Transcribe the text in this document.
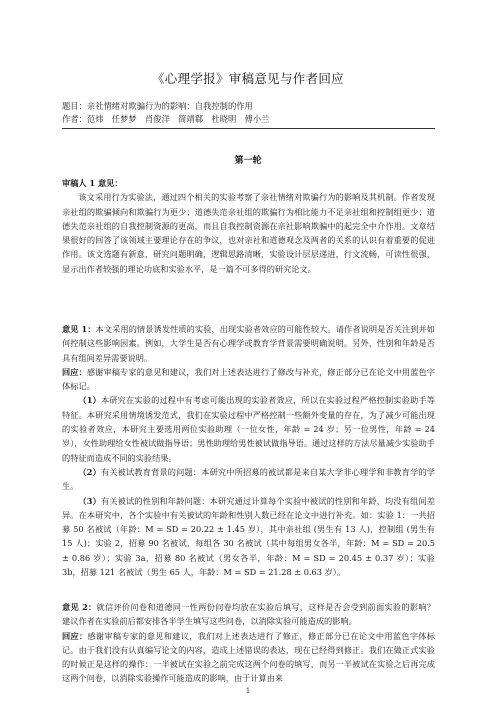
《心理学报》审稿意见与作者回应
题目：亲社情绪对欺骗行为的影响：自我控制的作用
作者：范炜　任梦梦　肖俊洋　简靖郗　杜晓明　傅小兰
第一轮

审稿人 1 意见：

该文采用行为实验法，通过四个相关的实验考察了亲社情绪对欺骗行为的影响及其机制。作者发现亲社组的欺骗倾向和欺骗行为更少；道德失范亲社组的欺骗行为相比能力不足亲社组和控制组更少；道德失范亲社组的自我控制资源的更高，而且自我控制资源在亲社影响欺骗中的起完全中介作用。文章结果很好的回答了该领域主要理论存在的争议，也对亲社和道德观念及两者的关系的认识有着重要的促进作用。该文选题有新意，研究问题明确，逻辑思路清晰，实验设计层层递进，行文流畅，可读性很强，显示出作者较强的理论功底和实验水平，是一篇不可多得的研究论文。

意见 1：本文采用的情景诱发性质的实验，出现实验者效应的可能性较大。请作者说明是否关注到并如何控制这些影响因素。例如，大学生是否有心理学或教育学背景需要明确说明。另外，性别和年龄是否具有组间差异需要说明。

回应：感谢审稿专家的意见和建议，我们对上述表达进行了修改与补充，修正部分已在论文中用蓝色字体标记。

（1）本研究在实验的过程中有考虑可能出现的实验者效应，所以在实验过程严格控制实验助手等特征。本研究采用情境诱发范式，我们在实验过程中严格控制一些额外变量的存在，为了减少可能出现的实验者效应，本研究主要选用两位实验助理（一位女性，年龄 = 24 岁；另一位男性，年龄 = 24 岁），女性助理给女性被试做指导语；男性助理给男性被试做指导语。通过这样的方法尽量减少实验助手的特征而造成不同的实验结果。

（2）有关被试教育背景的问题：本研究中所招募的被试都是来自某大学非心理学和非教育学的学生。

（3）有关被试的性别和年龄问题：本研究通过计算每个实验中被试的性别和年龄，均没有组间差异。在本研究中，各个实验中有关被试的年龄和性别人数已经在论文中进行补充。如：实验 1：一共招募 50 名被试（年龄：M = SD = 20.22 ± 1.45 岁），其中亲社组 (男生有 13 人)，控制组 (男生有 15 人)；实验 2，招募 90 名被试，每组各 30 名被试（其中每组男女各半，年龄：M = SD = 20.5 ± 0.86 岁）；实验 3a，招募 80 名被试（男女各半，年龄：M = SD = 20.45 ± 0.37 岁）；实验 3b，招募 121 名被试（男生 65 人，年龄：M = SD = 21.28 ± 0.63 岁）。

意见 2：就信评价问卷和道德同一性两份问卷均放在实验后填写，这样是否会受到前面实验的影响？　建议作者在实验前后都安排各半学生填写这些问卷，以消除实验可能造成的影响。

回应：感谢审稿专家的意见和建议，我们对上述表达进行了修正，修正部分已在论文中用蓝色字体标记。由于我们没有认真编写论文的内容，造成上述错误的表达，现在已经得到修正。我们在做正式实验的时候正是这样的操作：一半被试在实验之前完成这两个问卷的填写，而另一半被试在实验之后再完成这两个问卷，以消除实验操作可能造成的影响，由于计算由来

1
